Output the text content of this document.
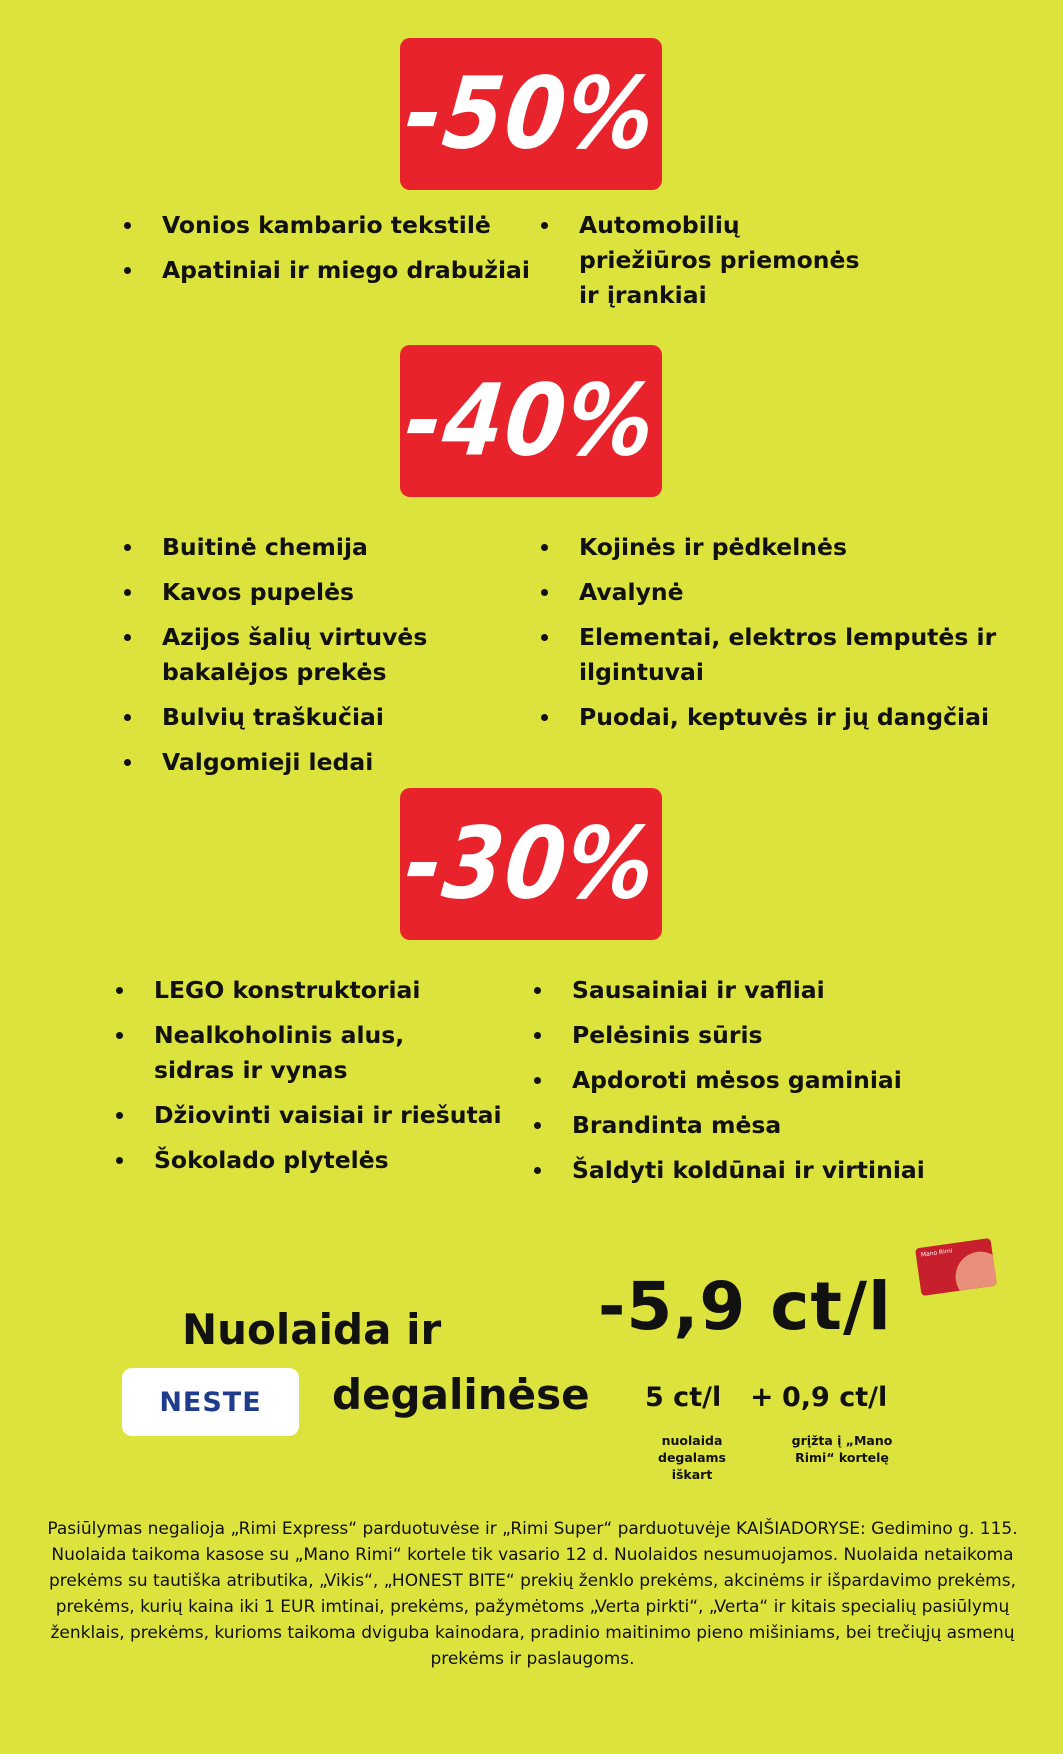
-50%
Vonios kambario tekstilė
Apatiniai ir miego drabužiai
Automobilių priežiūros priemonės ir įrankiai
-40%
Buitinė chemija
Kavos pupelės
Azijos šalių virtuvės bakalėjos prekės
Bulvių traškučiai
Valgomieji ledai
Kojinės ir pėdkelnės
Avalynė
Elementai, elektros lemputės ir ilgintuvai
Puodai, keptuvės ir jų dangčiai
-30%
LEGO konstruktoriai
Nealkoholinis alus, sidras ir vynas
Džiovinti vaisiai ir riešutai
Šokolado plytelės
Sausainiai ir vafliai
Pelėsinis sūris
Apdoroti mėsos gaminiai
Brandinta mėsa
Šaldyti koldūnai ir virtiniai
Nuolaida ir
NESTE degalinėse
-5,9 ct/l
Mano Rimi
5 ct/l + 0,9 ct/l
nuolaida degalams iškart
grįžta į „Mano Rimi“ kortelę

Pasiūlymas negalioja „Rimi Express“ parduotuvėse ir „Rimi Super“ parduotuvėje KAIŠIADORYSE: Gedimino g. 115. Nuolaida taikoma kasose su „Mano Rimi“ kortele tik vasario 12 d. Nuolaidos nesumuojamos. Nuolaida netaikoma prekėms su tautiška atributika, „Vikis“, „HONEST BITE“ prekių ženklo prekėms, akcinėms ir išpardavimo prekėms, prekėms, kurių kaina iki 1 EUR imtinai, prekėms, pažymėtoms „Verta pirkti“, „Verta“ ir kitais specialių pasiūlymų ženklais, prekėms, kurioms taikoma dviguba kainodara, pradinio maitinimo pieno mišiniams, bei trečiųjų asmenų prekėms ir paslaugoms.
